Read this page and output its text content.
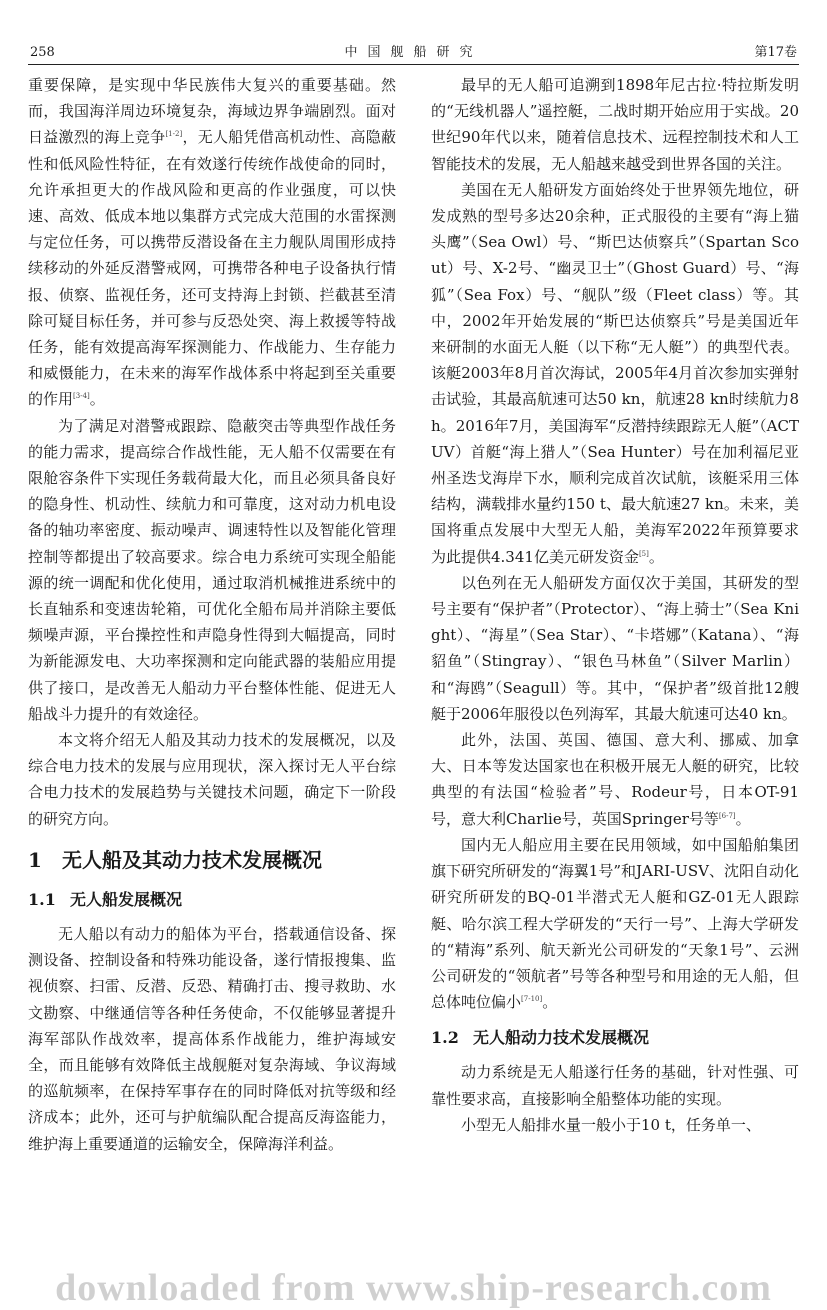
258	中国舰船研究	第17卷

重要保障，是实现中华民族伟大复兴的重要基础。然而，我国海洋周边环境复杂，海域边界争端剧烈。面对日益激烈的海上竞争[1-2]，无人船凭借高机动性、高隐蔽性和低风险性特征，在有效遂行传统作战使命的同时，允许承担更大的作战风险和更高的作业强度，可以快速、高效、低成本地以集群方式完成大范围的水雷探测与定位任务，可以携带反潜设备在主力舰队周围形成持续移动的外延反潜警戒网，可携带各种电子设备执行情报、侦察、监视任务，还可支持海上封锁、拦截甚至清除可疑目标任务，并可参与反恐处突、海上救援等特战任务，能有效提高海军探测能力、作战能力、生存能力和威慑能力，在未来的海军作战体系中将起到至关重要的作用[3-4]。

为了满足对潜警戒跟踪、隐蔽突击等典型作战任务的能力需求，提高综合作战性能，无人船不仅需要在有限舱容条件下实现任务载荷最大化，而且必须具备良好的隐身性、机动性、续航力和可靠度，这对动力机电设备的轴功率密度、振动噪声、调速特性以及智能化管理控制等都提出了较高要求。综合电力系统可实现全船能源的统一调配和优化使用，通过取消机械推进系统中的长直轴系和变速齿轮箱，可优化全船布局并消除主要低频噪声源，平台操控性和声隐身性得到大幅提高，同时为新能源发电、大功率探测和定向能武器的装船应用提供了接口，是改善无人船动力平台整体性能、促进无人船战斗力提升的有效途径。

本文将介绍无人船及其动力技术的发展概况，以及综合电力技术的发展与应用现状，深入探讨无人平台综合电力技术的发展趋势与关键技术问题，确定下一阶段的研究方向。

1 无人船及其动力技术发展概况
1.1 无人船发展概况

无人船以有动力的船体为平台，搭载通信设备、探测设备、控制设备和特殊功能设备，遂行情报搜集、监视侦察、扫雷、反潜、反恐、精确打击、搜寻救助、水文勘察、中继通信等各种任务使命，不仅能够显著提升海军部队作战效率，提高体系作战能力，维护海域安全，而且能够有效降低主战舰艇对复杂海域、争议海域的巡航频率，在保持军事存在的同时降低对抗等级和经济成本；此外，还可与护航编队配合提高反海盗能力，维护海上重要通道的运输安全，保障海洋利益。

最早的无人船可追溯到1898年尼古拉·特拉斯发明的“无线机器人”遥控艇，二战时期开始应用于实战。20世纪90年代以来，随着信息技术、远程控制技术和人工智能技术的发展，无人船越来越受到世界各国的关注。

美国在无人船研发方面始终处于世界领先地位，研发成熟的型号多达20余种，正式服役的主要有“海上猫头鹰”（Sea Owl）号、“斯巴达侦察兵”（Spartan Scout）号、X-2号、“幽灵卫士”（Ghost Guard）号、“海狐”（Sea Fox）号、“舰队”级（Fleet class）等。其中，2002年开始发展的“斯巴达侦察兵”号是美国近年来研制的水面无人艇（以下称“无人艇”）的典型代表。该艇2003年8月首次海试，2005年4月首次参加实弹射击试验，其最高航速可达50 kn，航速28 kn时续航力8 h。2016年7月，美国海军“反潜持续跟踪无人艇”（ACTUV）首艇“海上猎人”（Sea Hunter）号在加利福尼亚州圣迭戈海岸下水，顺利完成首次试航，该艇采用三体结构，满载排水量约150 t、最大航速27 kn。未来，美国将重点发展中大型无人船，美海军2022年预算要求为此提供4.341亿美元研发资金[5]。

以色列在无人船研发方面仅次于美国，其研发的型号主要有“保护者”（Protector）、“海上骑士”（Sea Knight）、“海星”（Sea Star）、“卡塔娜”（Katana）、“海貂鱼”（Stingray）、“银色马林鱼”（Silver Marlin）和“海鸥”（Seagull）等。其中，“保护者”级首批12艘艇于2006年服役以色列海军，其最大航速可达40 kn。

此外，法国、英国、德国、意大利、挪威、加拿大、日本等发达国家也在积极开展无人艇的研究，比较典型的有法国“检验者”号、Rodeur号，日本OT-91号，意大利Charlie号，英国Springer号等[6-7]。

国内无人船应用主要在民用领域，如中国船舶集团旗下研究所研发的“海翼1号”和JARI-USV、沈阳自动化研究所研发的BQ-01半潜式无人艇和GZ-01无人跟踪艇、哈尔滨工程大学研发的“天行一号”、上海大学研发的“精海”系列、航天新光公司研发的“天象1号”、云洲公司研发的“领航者”号等各种型号和用途的无人船，但总体吨位偏小[7-10]。

1.2 无人船动力技术发展概况

动力系统是无人船遂行任务的基础，针对性强、可靠性要求高，直接影响全船整体功能的实现。

小型无人船排水量一般小于10 t，任务单一、

downloaded from www.ship-research.com
